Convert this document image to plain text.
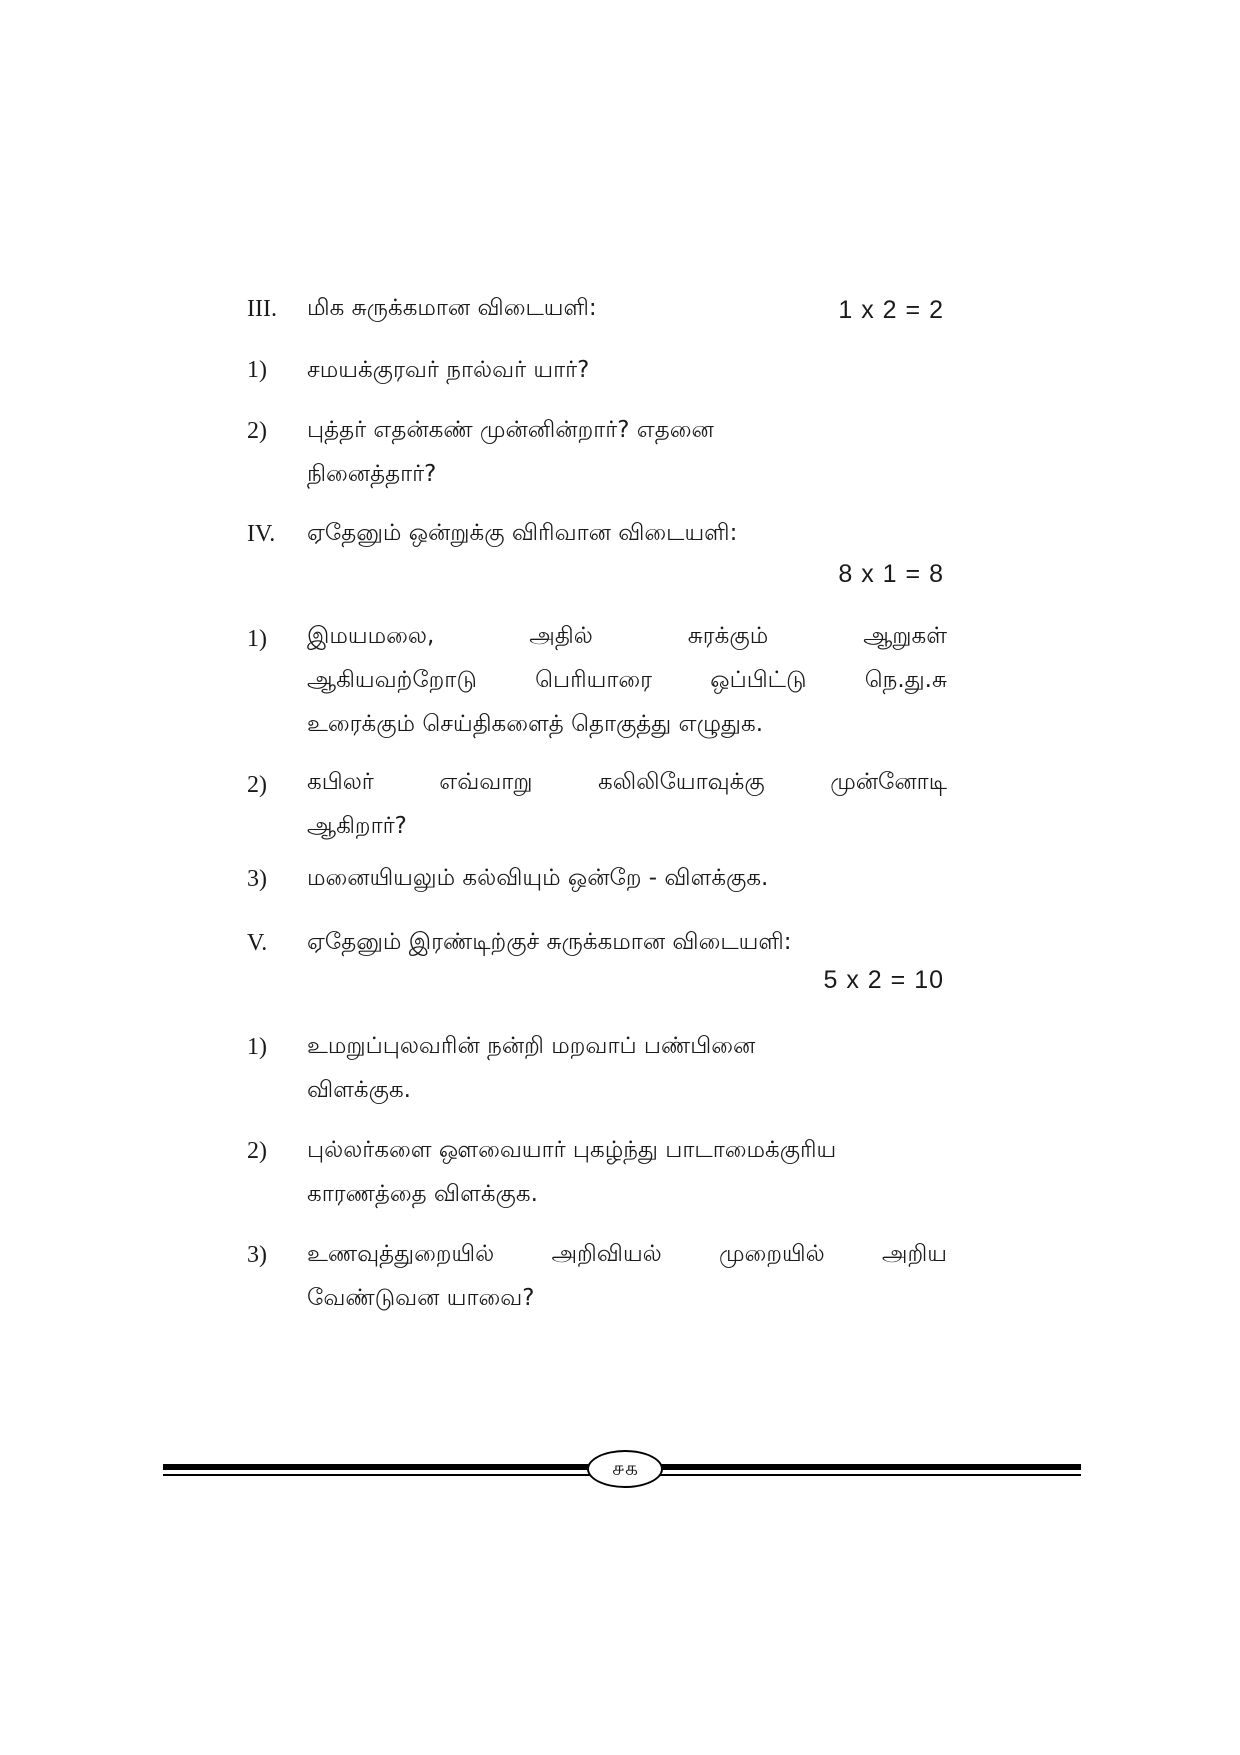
III. மிக சுருக்கமான விடையளி:	1 x 2 = 2
1) சமயக்குரவர் நால்வர் யார்?
2) புத்தர் எதன்கண் முன்னின்றார்? எதனை
நினைத்தார்?
IV. ஏதேனும் ஒன்றுக்கு விரிவான விடையளி:
8 x 1 = 8
1) இமயமலை, அதில் சுரக்கும் ஆறுகள்
ஆகியவற்றோடு பெரியாரை ஒப்பிட்டு நெ.து.சு
உரைக்கும் செய்திகளைத் தொகுத்து எழுதுக.
2) கபிலர் எவ்வாறு கலிலியோவுக்கு முன்னோடி
ஆகிறார்?
3) மனையியலும் கல்வியும் ஒன்றே - விளக்குக.
V. ஏதேனும் இரண்டிற்குச் சுருக்கமான விடையளி:
5 x 2 = 10
1) உமறுப்புலவரின் நன்றி மறவாப் பண்பினை
விளக்குக.
2) புல்லர்களை ஔவையார் புகழ்ந்து பாடாமைக்குரிய
காரணத்தை விளக்குக.
3) உணவுத்துறையில் அறிவியல் முறையில் அறிய
வேண்டுவன யாவை?
௪௧
